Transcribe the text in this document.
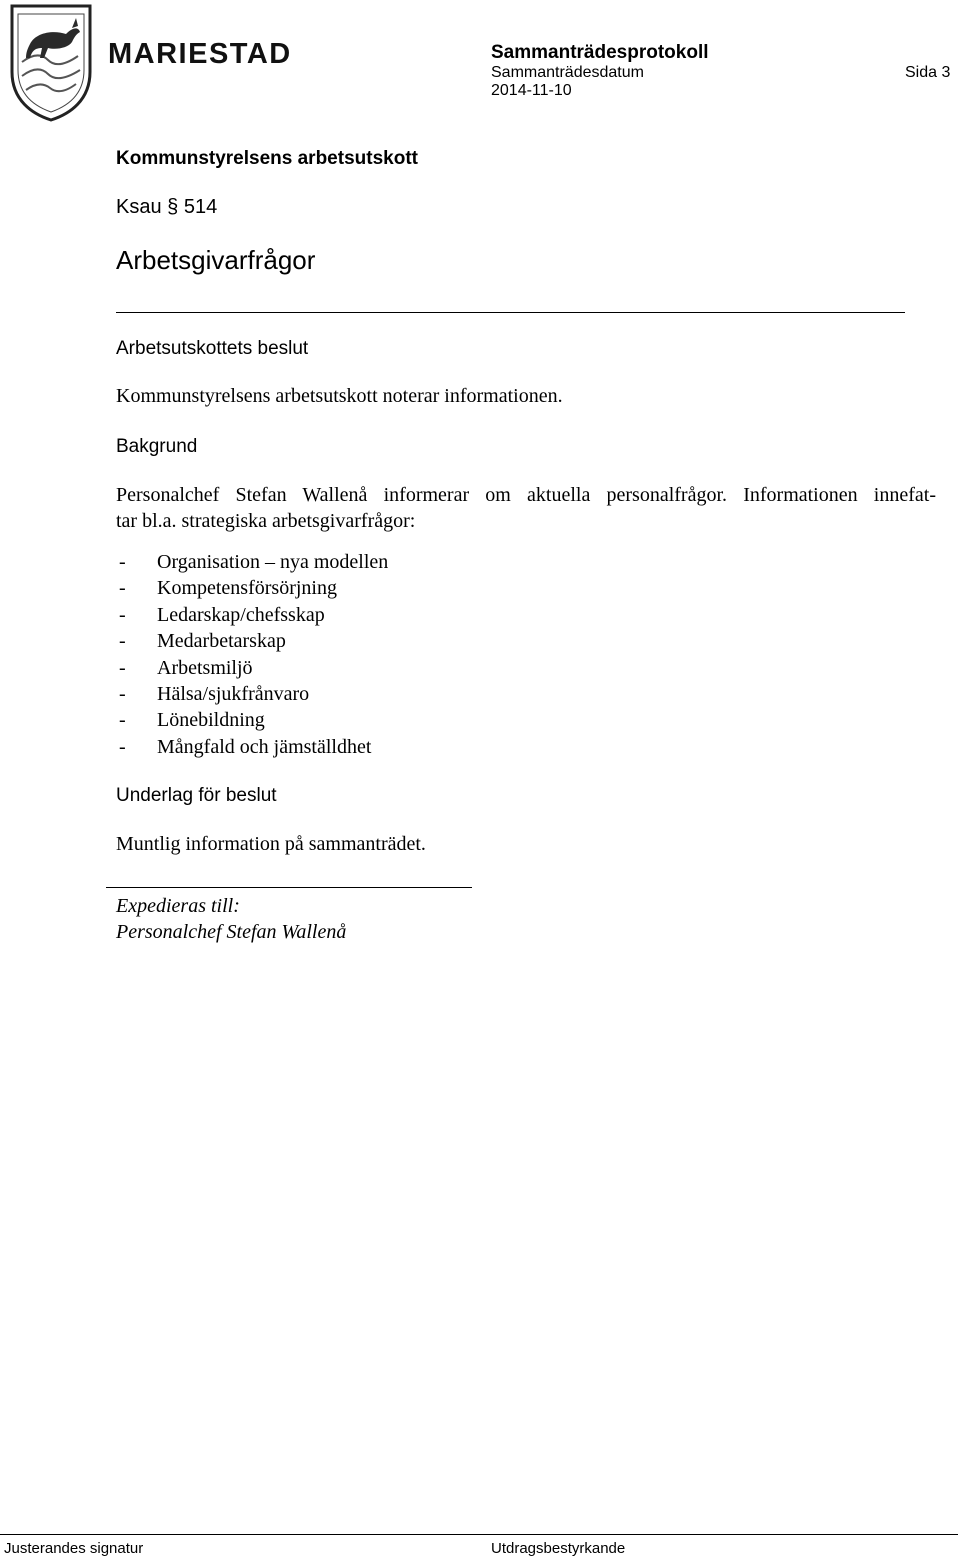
MARIESTAD	Sammanträdesprotokoll
Sammanträdesdatum
2014-11-10
Sida 3
Kommunstyrelsens arbetsutskott
Ksau § 514
Arbetsgivarfrågor
Arbetsutskottets beslut
Kommunstyrelsens arbetsutskott noterar informationen.
Bakgrund
Personalchef Stefan Wallenå informerar om aktuella personalfrågor. Informationen innefat-
tar bl.a. strategiska arbetsgivarfrågor:
- Organisation – nya modellen
- Kompetensförsörjning
- Ledarskap/chefsskap
- Medarbetarskap
- Arbetsmiljö
- Hälsa/sjukfrånvaro
- Lönebildning
- Mångfald och jämställdhet
Underlag för beslut
Muntlig information på sammanträdet.
Expedieras till:
Personalchef Stefan Wallenå
Justerandes signatur	Utdragsbestyrkande
